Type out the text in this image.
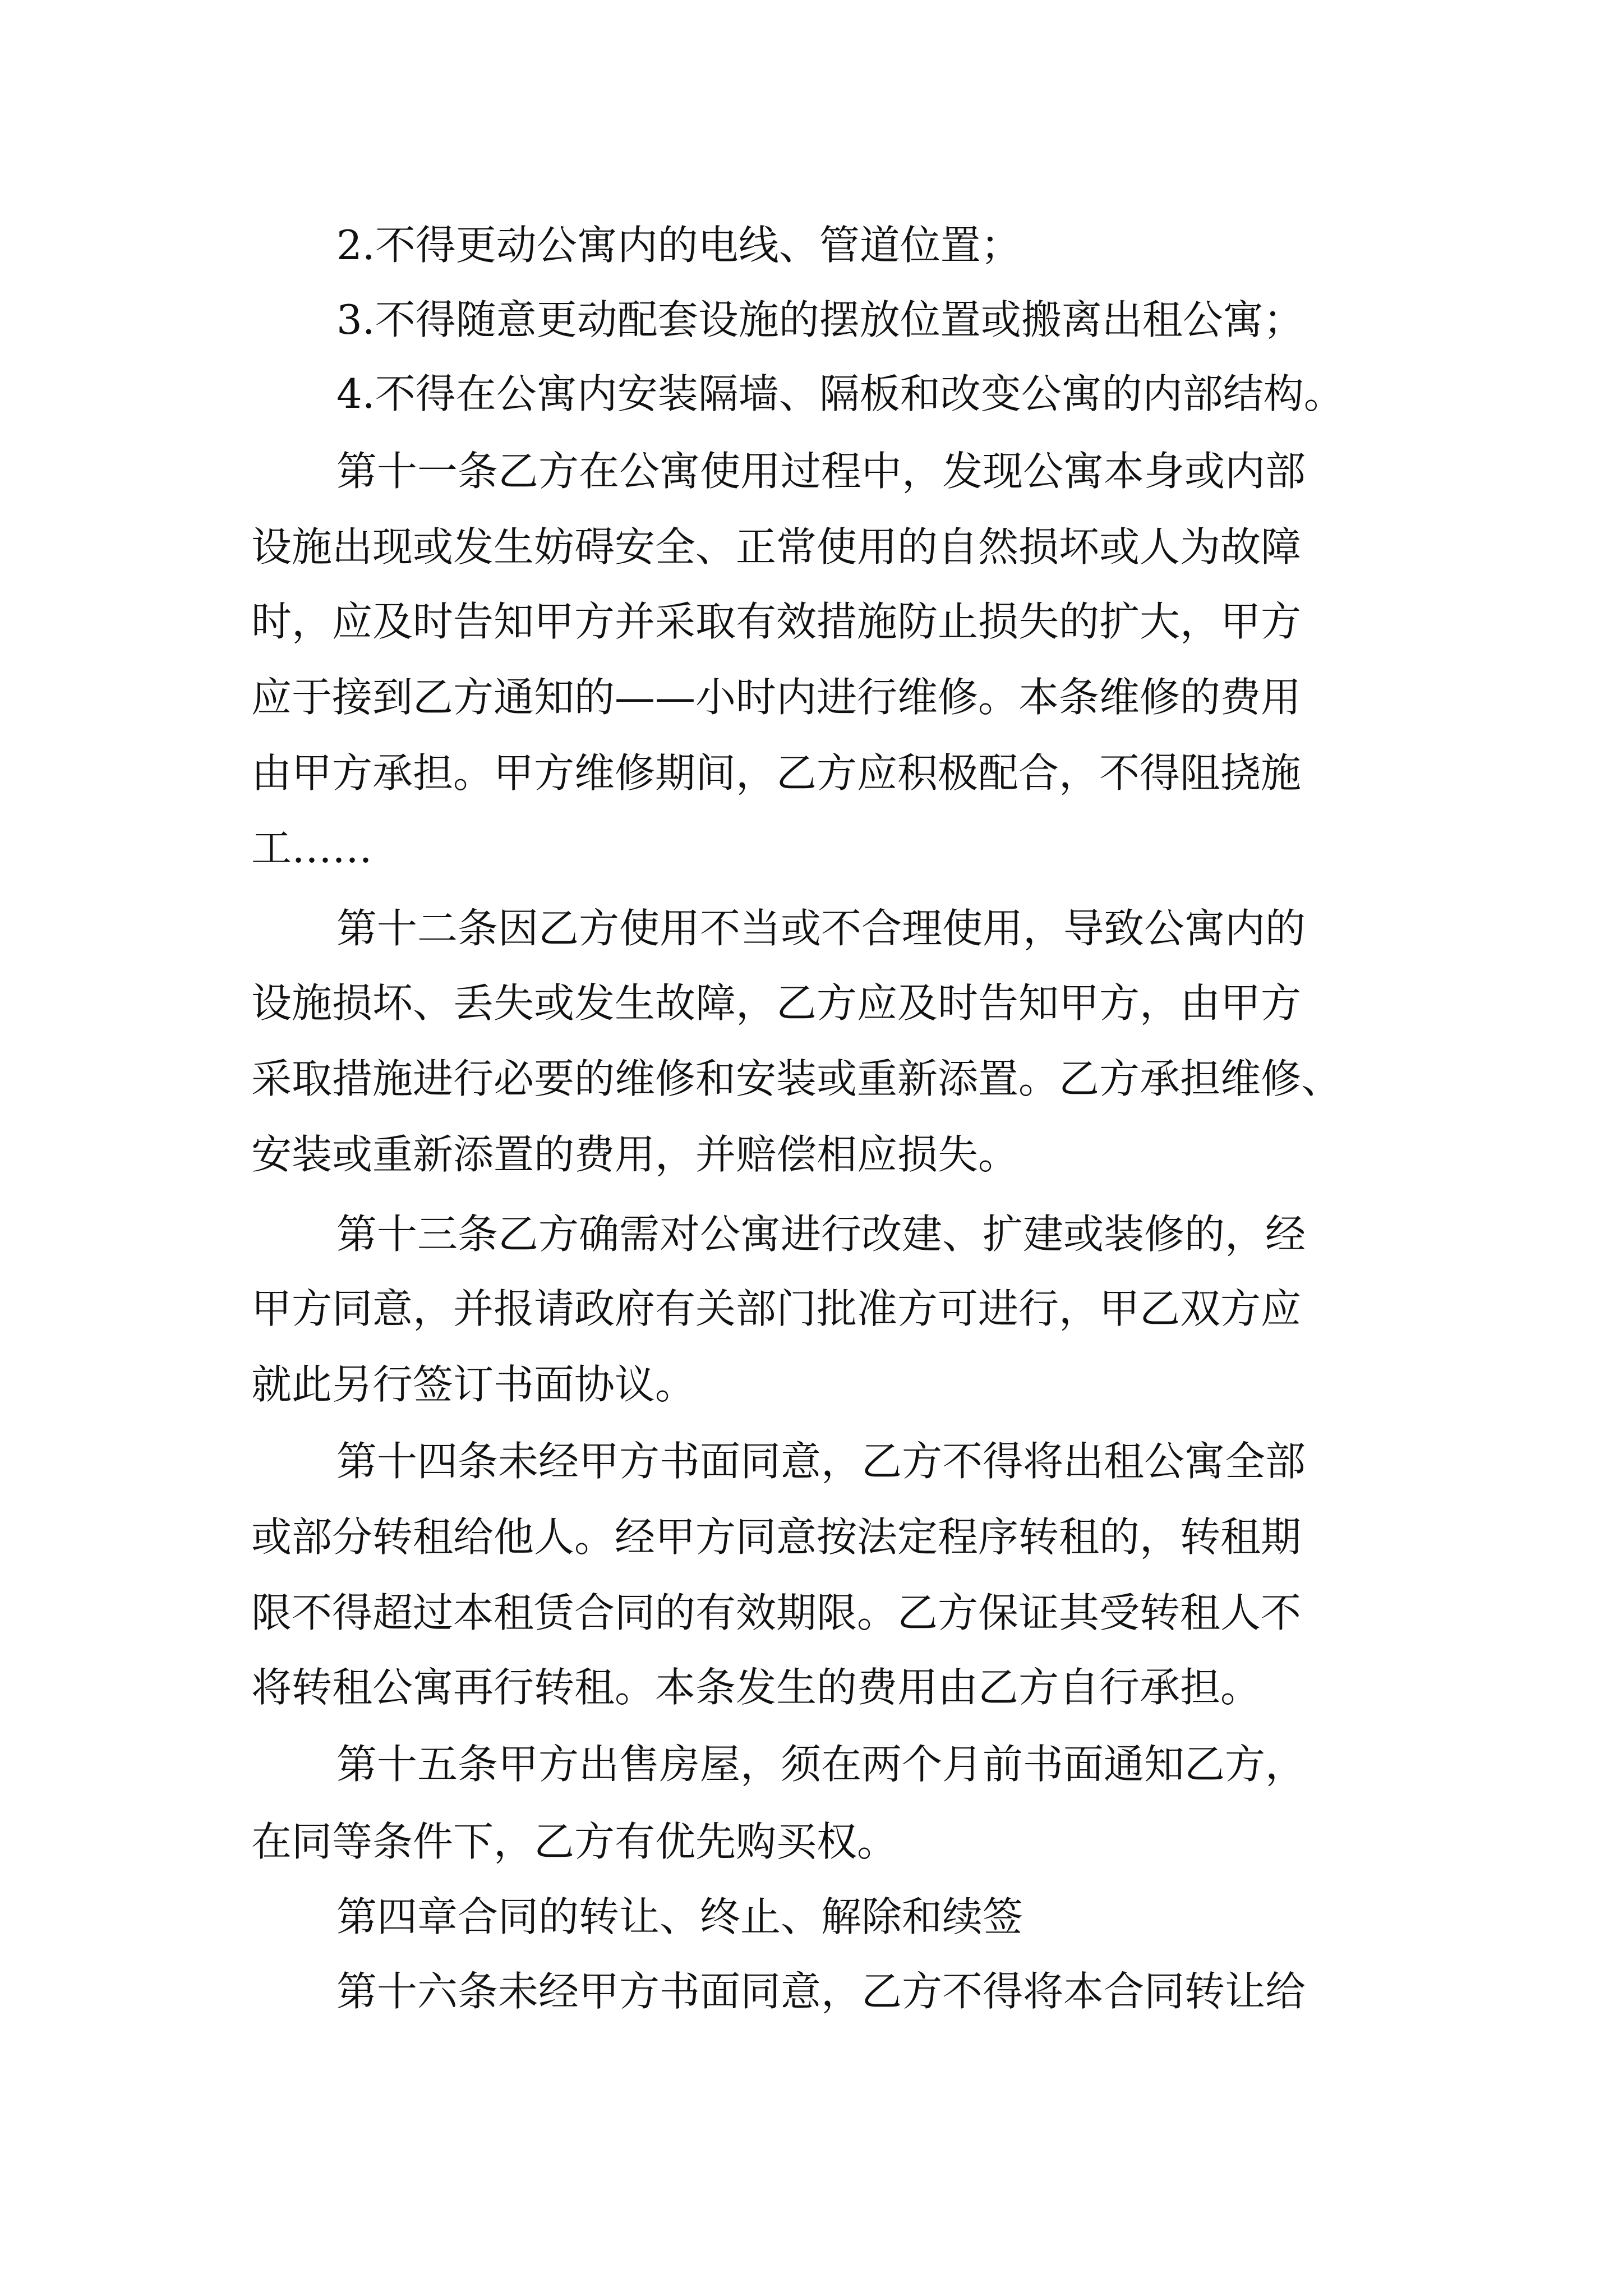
2.不得更动公寓内的电线、管道位置；

3.不得随意更动配套设施的摆放位置或搬离出租公寓；

4.不得在公寓内安装隔墙、隔板和改变公寓的内部结构。

第十一条乙方在公寓使用过程中，发现公寓本身或内部

设施出现或发生妨碍安全、正常使用的自然损坏或人为故障

时，应及时告知甲方并采取有效措施防止损失的扩大，甲方

应于接到乙方通知的——小时内进行维修。本条维修的费用

由甲方承担。甲方维修期间，乙方应积极配合，不得阻挠施

工……

第十二条因乙方使用不当或不合理使用，导致公寓内的

设施损坏、丢失或发生故障，乙方应及时告知甲方，由甲方

采取措施进行必要的维修和安装或重新添置。乙方承担维修、

安装或重新添置的费用，并赔偿相应损失。

第十三条乙方确需对公寓进行改建、扩建或装修的，经

甲方同意，并报请政府有关部门批准方可进行，甲乙双方应

就此另行签订书面协议。

第十四条未经甲方书面同意，乙方不得将出租公寓全部

或部分转租给他人。经甲方同意按法定程序转租的，转租期

限不得超过本租赁合同的有效期限。乙方保证其受转租人不

将转租公寓再行转租。本条发生的费用由乙方自行承担。

第十五条甲方出售房屋，须在两个月前书面通知乙方，

在同等条件下，乙方有优先购买权。

第四章合同的转让、终止、解除和续签

第十六条未经甲方书面同意，乙方不得将本合同转让给
